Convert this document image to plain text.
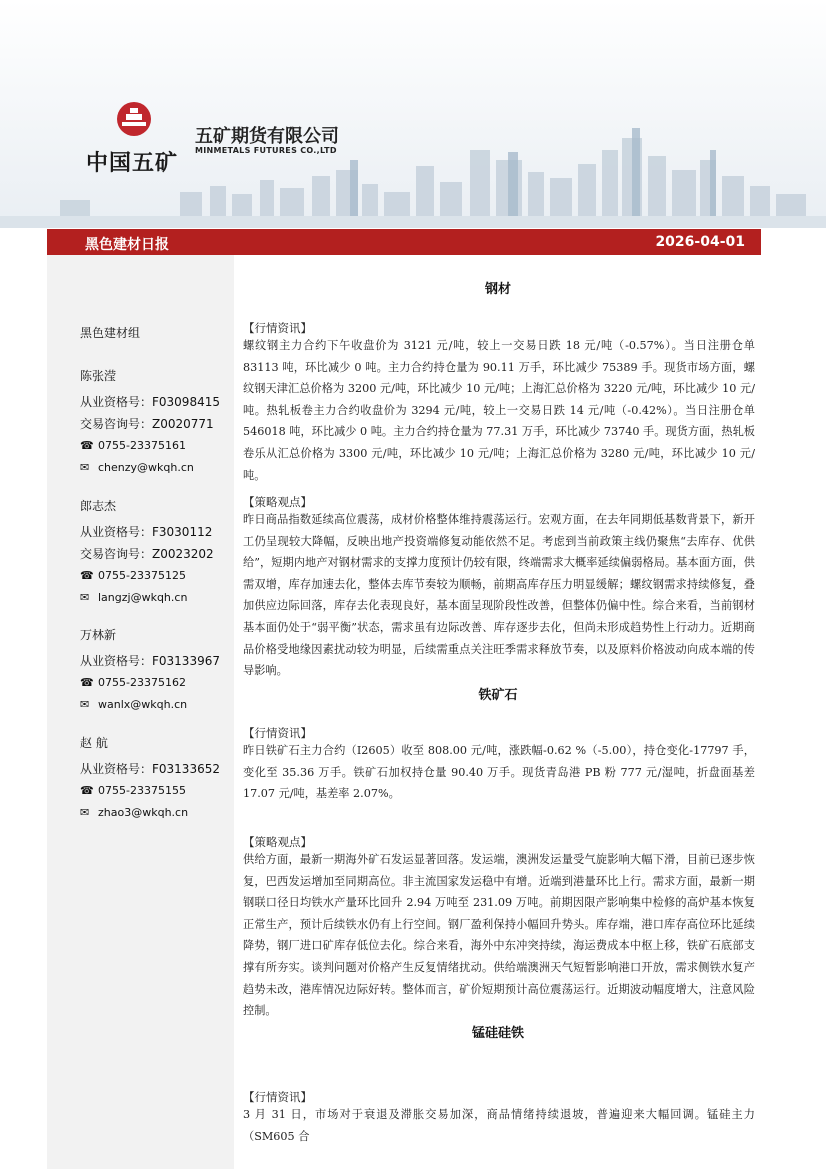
中国五矿
五矿期货有限公司
MINMETALS FUTURES CO.,LTD
黑色建材日报	2026-04-01
黑色建材组
陈张滢
从业资格号：F03098415
交易咨询号：Z0020771
☎ 0755-23375161
✉ chenzy@wkqh.cn
郎志杰
从业资格号：F3030112
交易咨询号：Z0023202
☎ 0755-23375125
✉ langzj@wkqh.cn
万林新
从业资格号：F03133967
☎ 0755-23375162
✉ wanlx@wkqh.cn
赵 航
从业资格号：F03133652
☎ 0755-23375155
✉ zhao3@wkqh.cn
钢材
【行情资讯】
螺纹钢主力合约下午收盘价为 3121 元/吨，较上一交易日跌 18 元/吨（-0.57%）。当日注册仓单 83113 吨，环比减少 0 吨。主力合约持仓量为 90.11 万手，环比减少 75389 手。现货市场方面，螺纹钢天津汇总价格为 3200 元/吨，环比减少 10 元/吨；上海汇总价格为 3220 元/吨，环比减少 10 元/吨。热轧板卷主力合约收盘价为 3294 元/吨，较上一交易日跌 14 元/吨（-0.42%）。当日注册仓单 546018 吨，环比减少 0 吨。主力合约持仓量为 77.31 万手，环比减少 73740 手。现货方面，热轧板卷乐从汇总价格为 3300 元/吨，环比减少 10 元/吨；上海汇总价格为 3280 元/吨，环比减少 10 元/吨。
【策略观点】
昨日商品指数延续高位震荡，成材价格整体维持震荡运行。宏观方面，在去年同期低基数背景下，新开工仍呈现较大降幅，反映出地产投资端修复动能依然不足。考虑到当前政策主线仍聚焦“去库存、优供给”，短期内地产对钢材需求的支撑力度预计仍较有限，终端需求大概率延续偏弱格局。基本面方面，供需双增，库存加速去化，整体去库节奏较为顺畅，前期高库存压力明显缓解；螺纹钢需求持续修复，叠加供应边际回落，库存去化表现良好，基本面呈现阶段性改善，但整体仍偏中性。综合来看，当前钢材基本面仍处于“弱平衡”状态，需求虽有边际改善、库存逐步去化，但尚未形成趋势性上行动力。近期商品价格受地缘因素扰动较为明显，后续需重点关注旺季需求释放节奏，以及原料价格波动向成本端的传导影响。
铁矿石
【行情资讯】
昨日铁矿石主力合约（I2605）收至 808.00 元/吨，涨跌幅-0.62 %（-5.00），持仓变化-17797 手，变化至 35.36 万手。铁矿石加权持仓量 90.40 万手。现货青岛港 PB 粉 777 元/湿吨，折盘面基差 17.07 元/吨，基差率 2.07%。
【策略观点】
供给方面，最新一期海外矿石发运显著回落。发运端，澳洲发运量受气旋影响大幅下滑，目前已逐步恢复，巴西发运增加至同期高位。非主流国家发运稳中有增。近端到港量环比上行。需求方面，最新一期钢联口径日均铁水产量环比回升 2.94 万吨至 231.09 万吨。前期因限产影响集中检修的高炉基本恢复正常生产，预计后续铁水仍有上行空间。钢厂盈利保持小幅回升势头。库存端，港口库存高位环比延续降势，钢厂进口矿库存低位去化。综合来看，海外中东冲突持续，海运费成本中枢上移，铁矿石底部支撑有所夯实。谈判问题对价格产生反复情绪扰动。供给端澳洲天气短暂影响港口开放，需求侧铁水复产趋势未改，港库情况边际好转。整体而言，矿价短期预计高位震荡运行。近期波动幅度增大，注意风险控制。
锰硅硅铁
【行情资讯】
3 月 31 日，市场对于衰退及滞胀交易加深，商品情绪持续退坡，普遍迎来大幅回调。锰硅主力（SM605 合
